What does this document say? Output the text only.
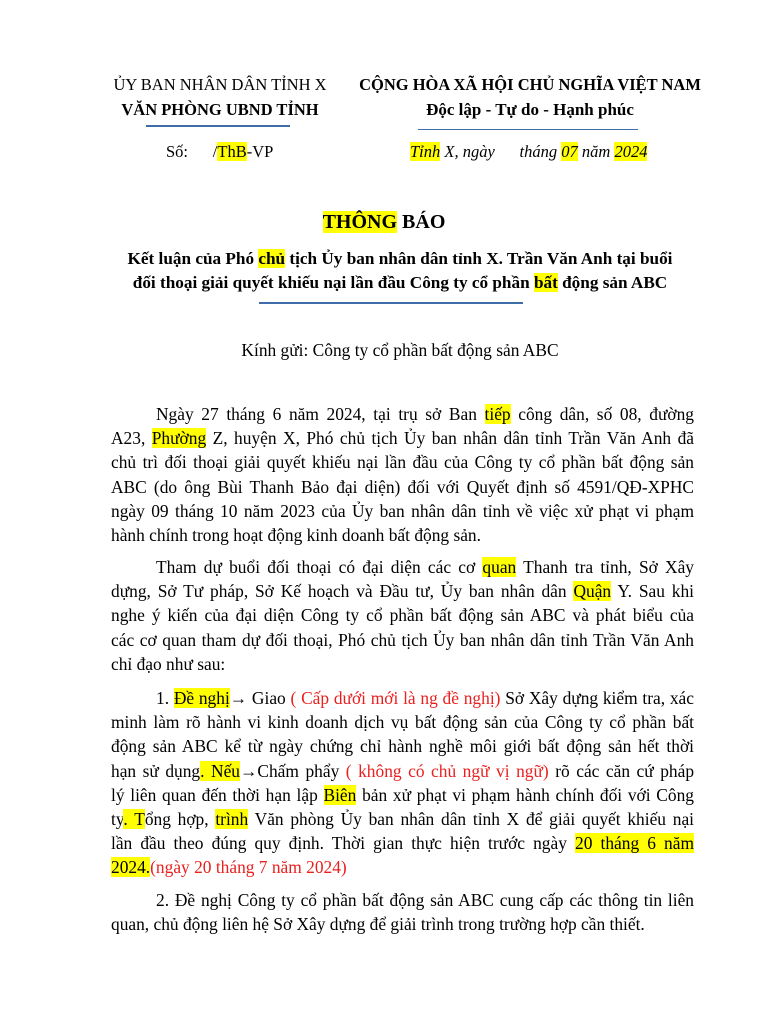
ỦY BAN NHÂN DÂN TỈNH X
VĂN PHÒNG UBND TỈNH
Số:      /ThB-VP
CỘNG HÒA XÃ HỘI CHỦ NGHĨA VIỆT NAM
Độc lập - Tự do - Hạnh phúc
Tỉnh X, ngày      tháng 07 năm 2024
THÔNG BÁO
Kết luận của Phó chủ tịch Ủy ban nhân dân tỉnh X. Trần Văn Anh tại buổi
đối thoại giải quyết khiếu nại lần đầu Công ty cổ phần bất động sản ABC
Kính gửi: Công ty cổ phần bất động sản ABC
Ngày 27 tháng 6 năm 2024, tại trụ sở Ban tiếp công dân, số 08, đường
A23, Phường Z, huyện X, Phó chủ tịch Ủy ban nhân dân tỉnh Trần Văn Anh đã
chủ trì đối thoại giải quyết khiếu nại lần đầu của Công ty cổ phần bất động sản
ABC (do ông Bùi Thanh Bảo đại diện) đối với Quyết định số 4591/QĐ-XPHC
ngày 09 tháng 10 năm 2023 của Ủy ban nhân dân tỉnh về việc xử phạt vi phạm
hành chính trong hoạt động kinh doanh bất động sản.
Tham dự buổi đối thoại có đại diện các cơ quan Thanh tra tỉnh, Sở Xây
dựng, Sở Tư pháp, Sở Kế hoạch và Đầu tư, Ủy ban nhân dân Quận Y. Sau khi
nghe ý kiến của đại diện Công ty cổ phần bất động sản ABC và phát biểu của
các cơ quan tham dự đối thoại, Phó chủ tịch Ủy ban nhân dân tỉnh Trần Văn Anh
chỉ đạo như sau:
1. Đề nghị→ Giao ( Cấp dưới mới là ng đề nghị) Sở Xây dựng kiểm tra, xác
minh làm rõ hành vi kinh doanh dịch vụ bất động sản của Công ty cổ phần bất
động sản ABC kể từ ngày chứng chỉ hành nghề môi giới bất động sản hết thời
hạn sử dụng. Nếu→Chấm phẩy ( không có chủ ngữ vị ngữ) rõ các căn cứ pháp
lý liên quan đến thời hạn lập Biên bản xử phạt vi phạm hành chính đối với Công
ty. Tổng hợp, trình Văn phòng Ủy ban nhân dân tỉnh X để giải quyết khiếu nại
lần đầu theo đúng quy định. Thời gian thực hiện trước ngày 20 tháng 6 năm
2024.(ngày 20 tháng 7 năm 2024)
2. Đề nghị Công ty cổ phần bất động sản ABC cung cấp các thông tin liên
quan, chủ động liên hệ Sở Xây dựng để giải trình trong trường hợp cần thiết.
